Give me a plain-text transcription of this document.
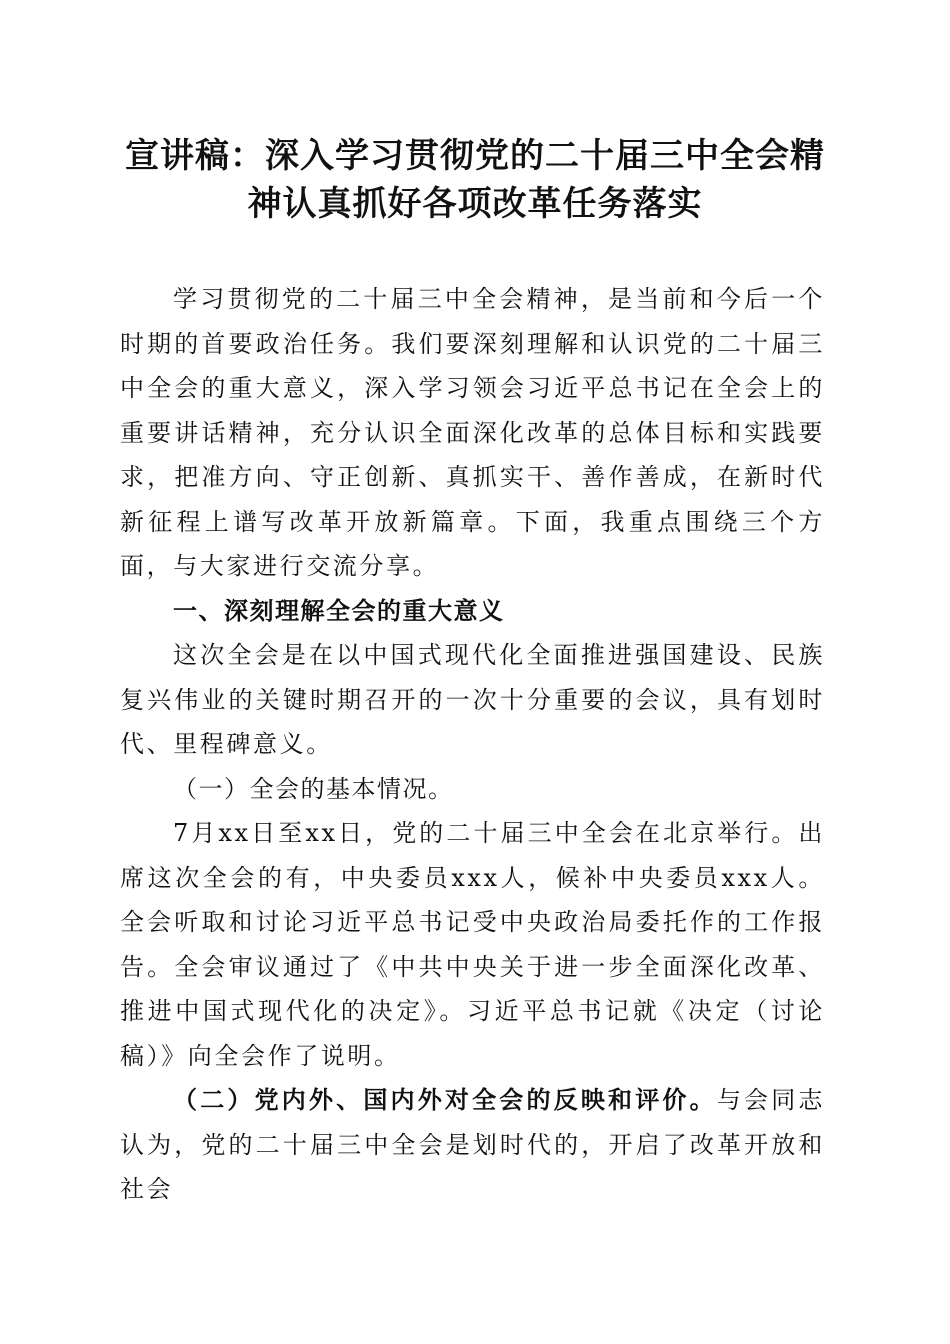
宣讲稿：深入学习贯彻党的二十届三中全会精
神认真抓好各项改革任务落实

学习贯彻党的二十届三中全会精神，是当前和今后一个时期的首要政治任务。我们要深刻理解和认识党的二十届三中全会的重大意义，深入学习领会习近平总书记在全会上的重要讲话精神，充分认识全面深化改革的总体目标和实践要求，把准方向、守正创新、真抓实干、善作善成，在新时代新征程上谱写改革开放新篇章。下面，我重点围绕三个方面，与大家进行交流分享。

一、深刻理解全会的重大意义

这次全会是在以中国式现代化全面推进强国建设、民族复兴伟业的关键时期召开的一次十分重要的会议，具有划时代、里程碑意义。

（一）全会的基本情况。

7月xx日至xx日，党的二十届三中全会在北京举行。出席这次全会的有，中央委员xxx人，候补中央委员xxx人。全会听取和讨论习近平总书记受中央政治局委托作的工作报告。全会审议通过了《中共中央关于进一步全面深化改革、推进中国式现代化的决定》。习近平总书记就《决定（讨论稿）》向全会作了说明。

（二）党内外、国内外对全会的反映和评价。与会同志认为，党的二十届三中全会是划时代的，开启了改革开放和社会
